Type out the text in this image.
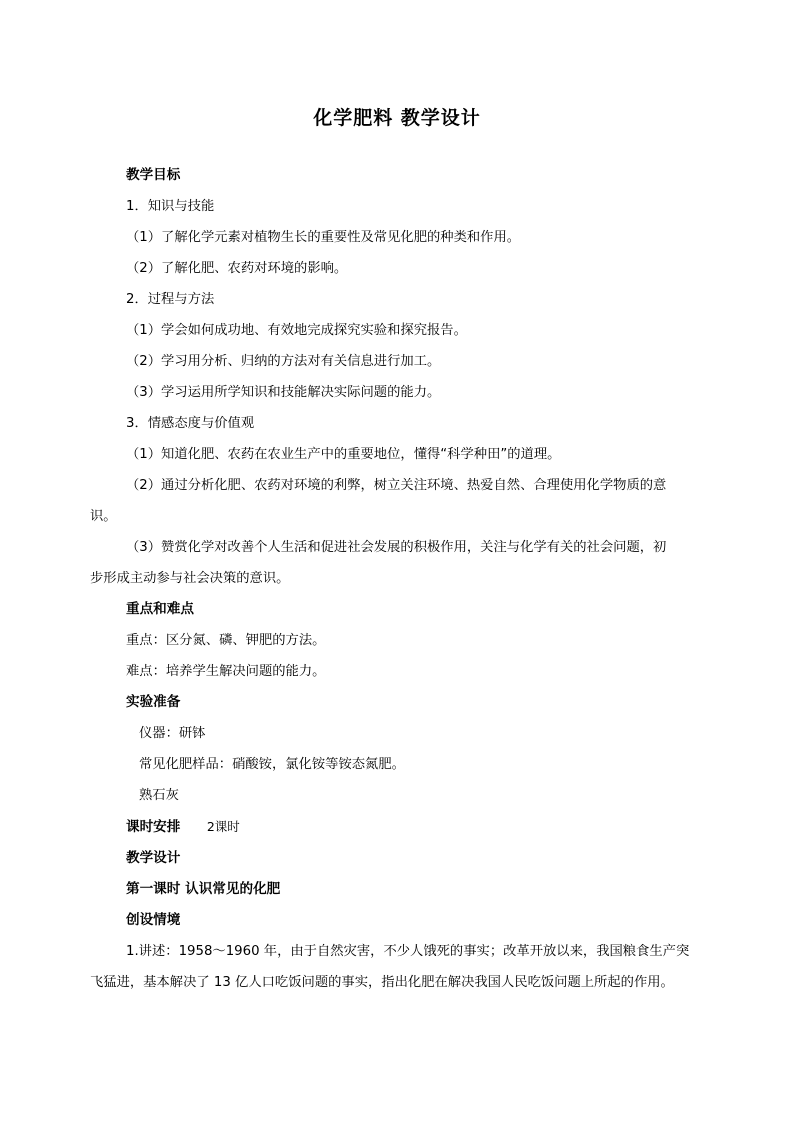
化学肥料 教学设计
教学目标
1．知识与技能
（1）了解化学元素对植物生长的重要性及常见化肥的种类和作用。
（2）了解化肥、农药对环境的影响。
2．过程与方法
（1）学会如何成功地、有效地完成探究实验和探究报告。
（2）学习用分析、归纳的方法对有关信息进行加工。
（3）学习运用所学知识和技能解决实际问题的能力。
3．情感态度与价值观
（1）知道化肥、农药在农业生产中的重要地位，懂得“科学种田”的道理。
（2）通过分析化肥、农药对环境的利弊，树立关注环境、热爱自然、合理使用化学物质的意
识。
（3）赞赏化学对改善个人生活和促进社会发展的积极作用，关注与化学有关的社会问题，初
步形成主动参与社会决策的意识。
重点和难点
重点：区分氮、磷、钾肥的方法。
难点：培养学生解决问题的能力。
实验准备
仪器：研钵
常见化肥样品：硝酸铵，氯化铵等铵态氮肥。
熟石灰
课时安排 2课时
教学设计
第一课时 认识常见的化肥
创设情境
1.讲述：1958～1960 年，由于自然灾害，不少人饿死的事实；改革开放以来，我国粮食生产突
飞猛进，基本解决了 13 亿人口吃饭问题的事实，指出化肥在解决我国人民吃饭问题上所起的作用。
